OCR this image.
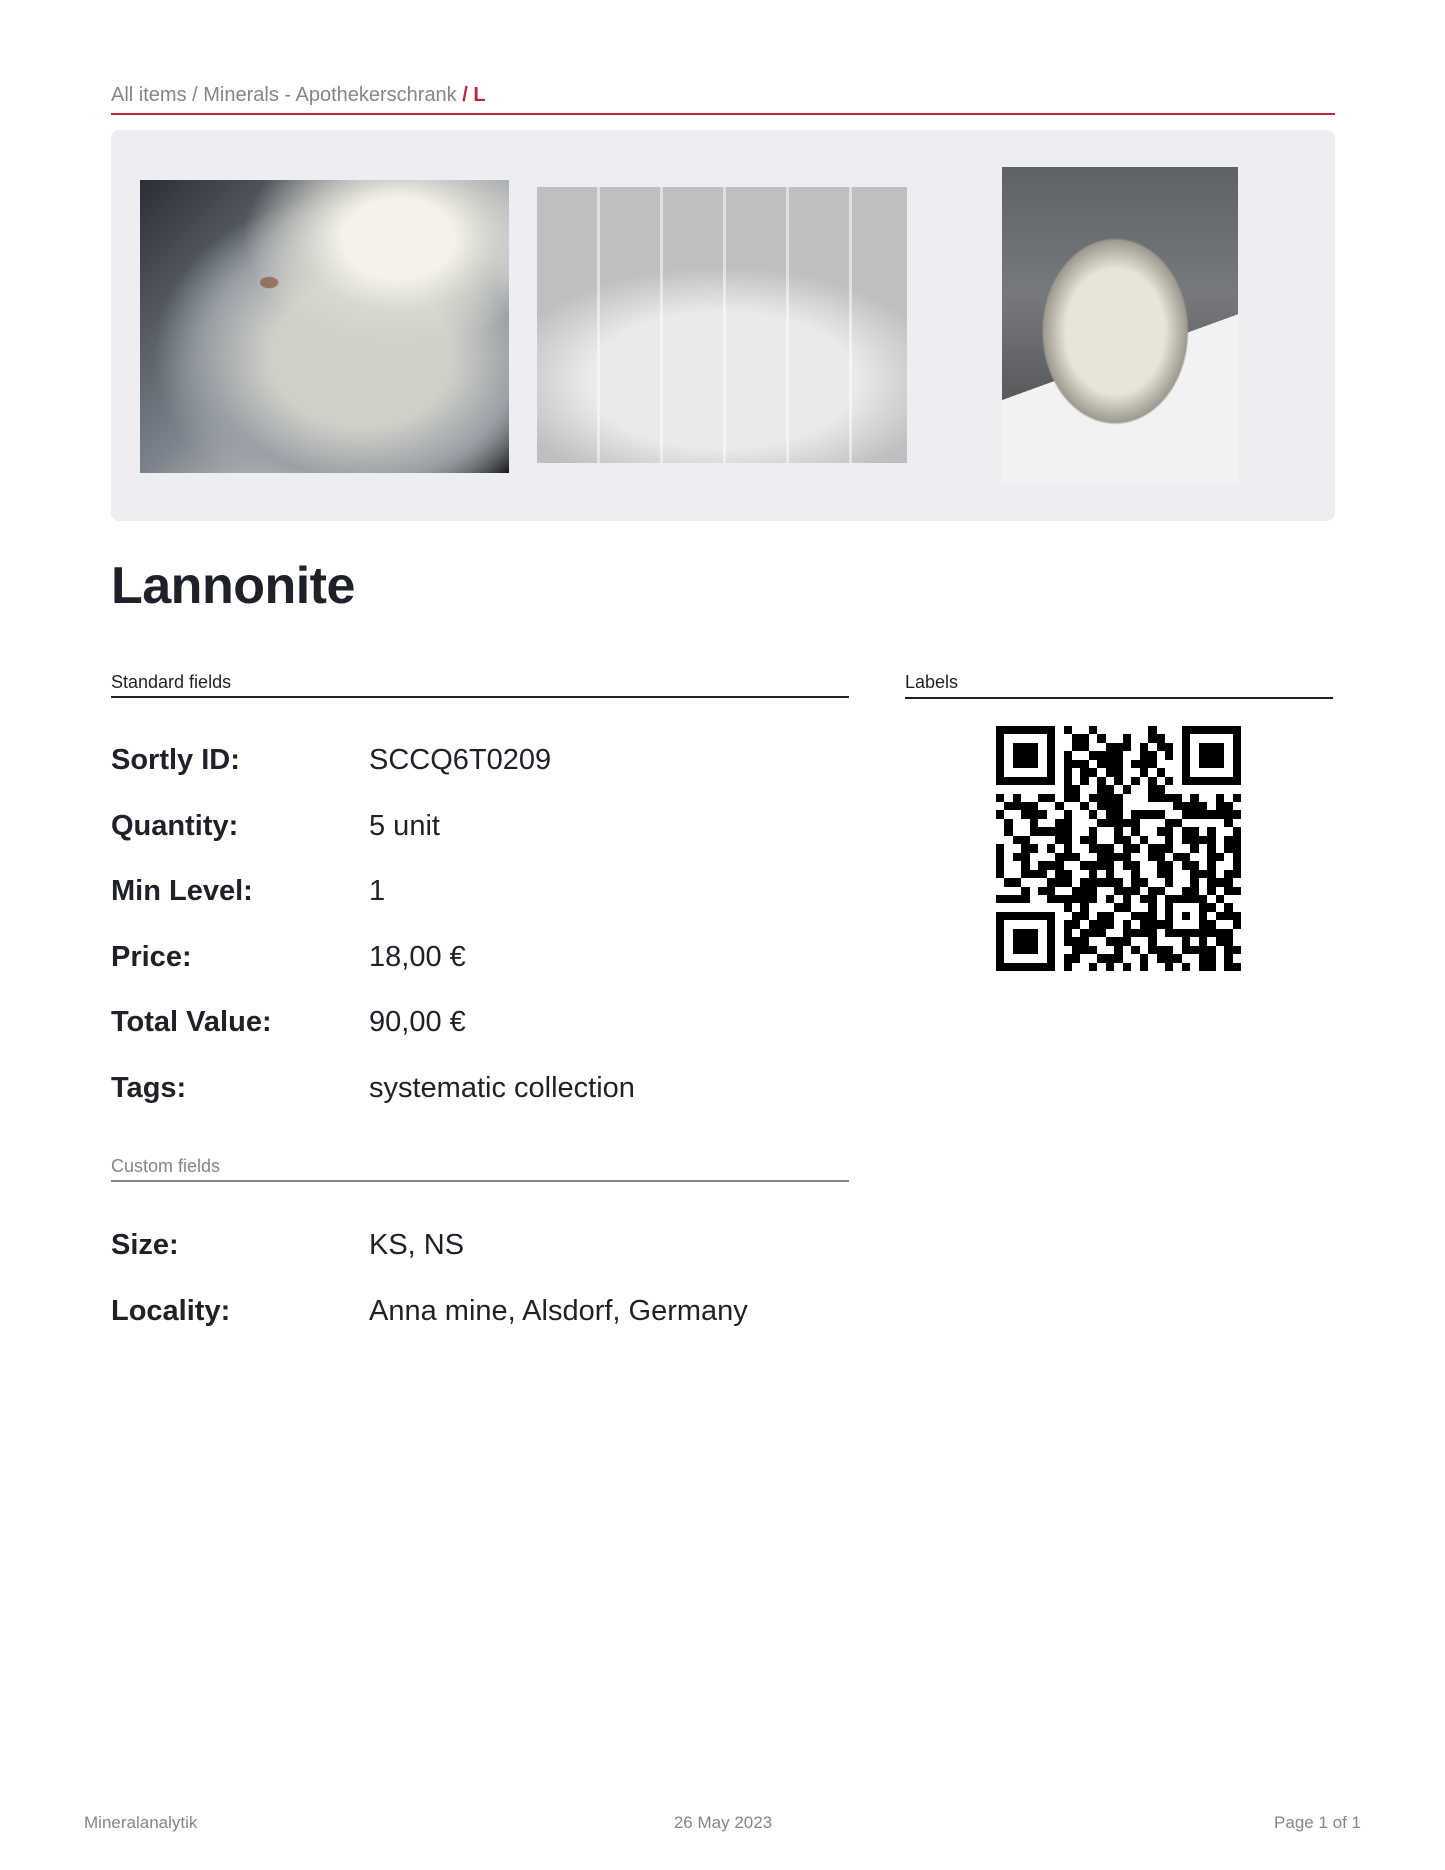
All items / Minerals - Apothekerschrank / L
Lannonite
Standard fields
Sortly ID:	SCCQ6T0209
Quantity:	5 unit
Min Level:	1
Price:	18,00 €
Total Value:	90,00 €
Tags:	systematic collection
Custom fields
Size:	KS, NS
Locality:	Anna mine, Alsdorf, Germany
Labels
Mineralanalytik	26 May 2023	Page 1 of 1
